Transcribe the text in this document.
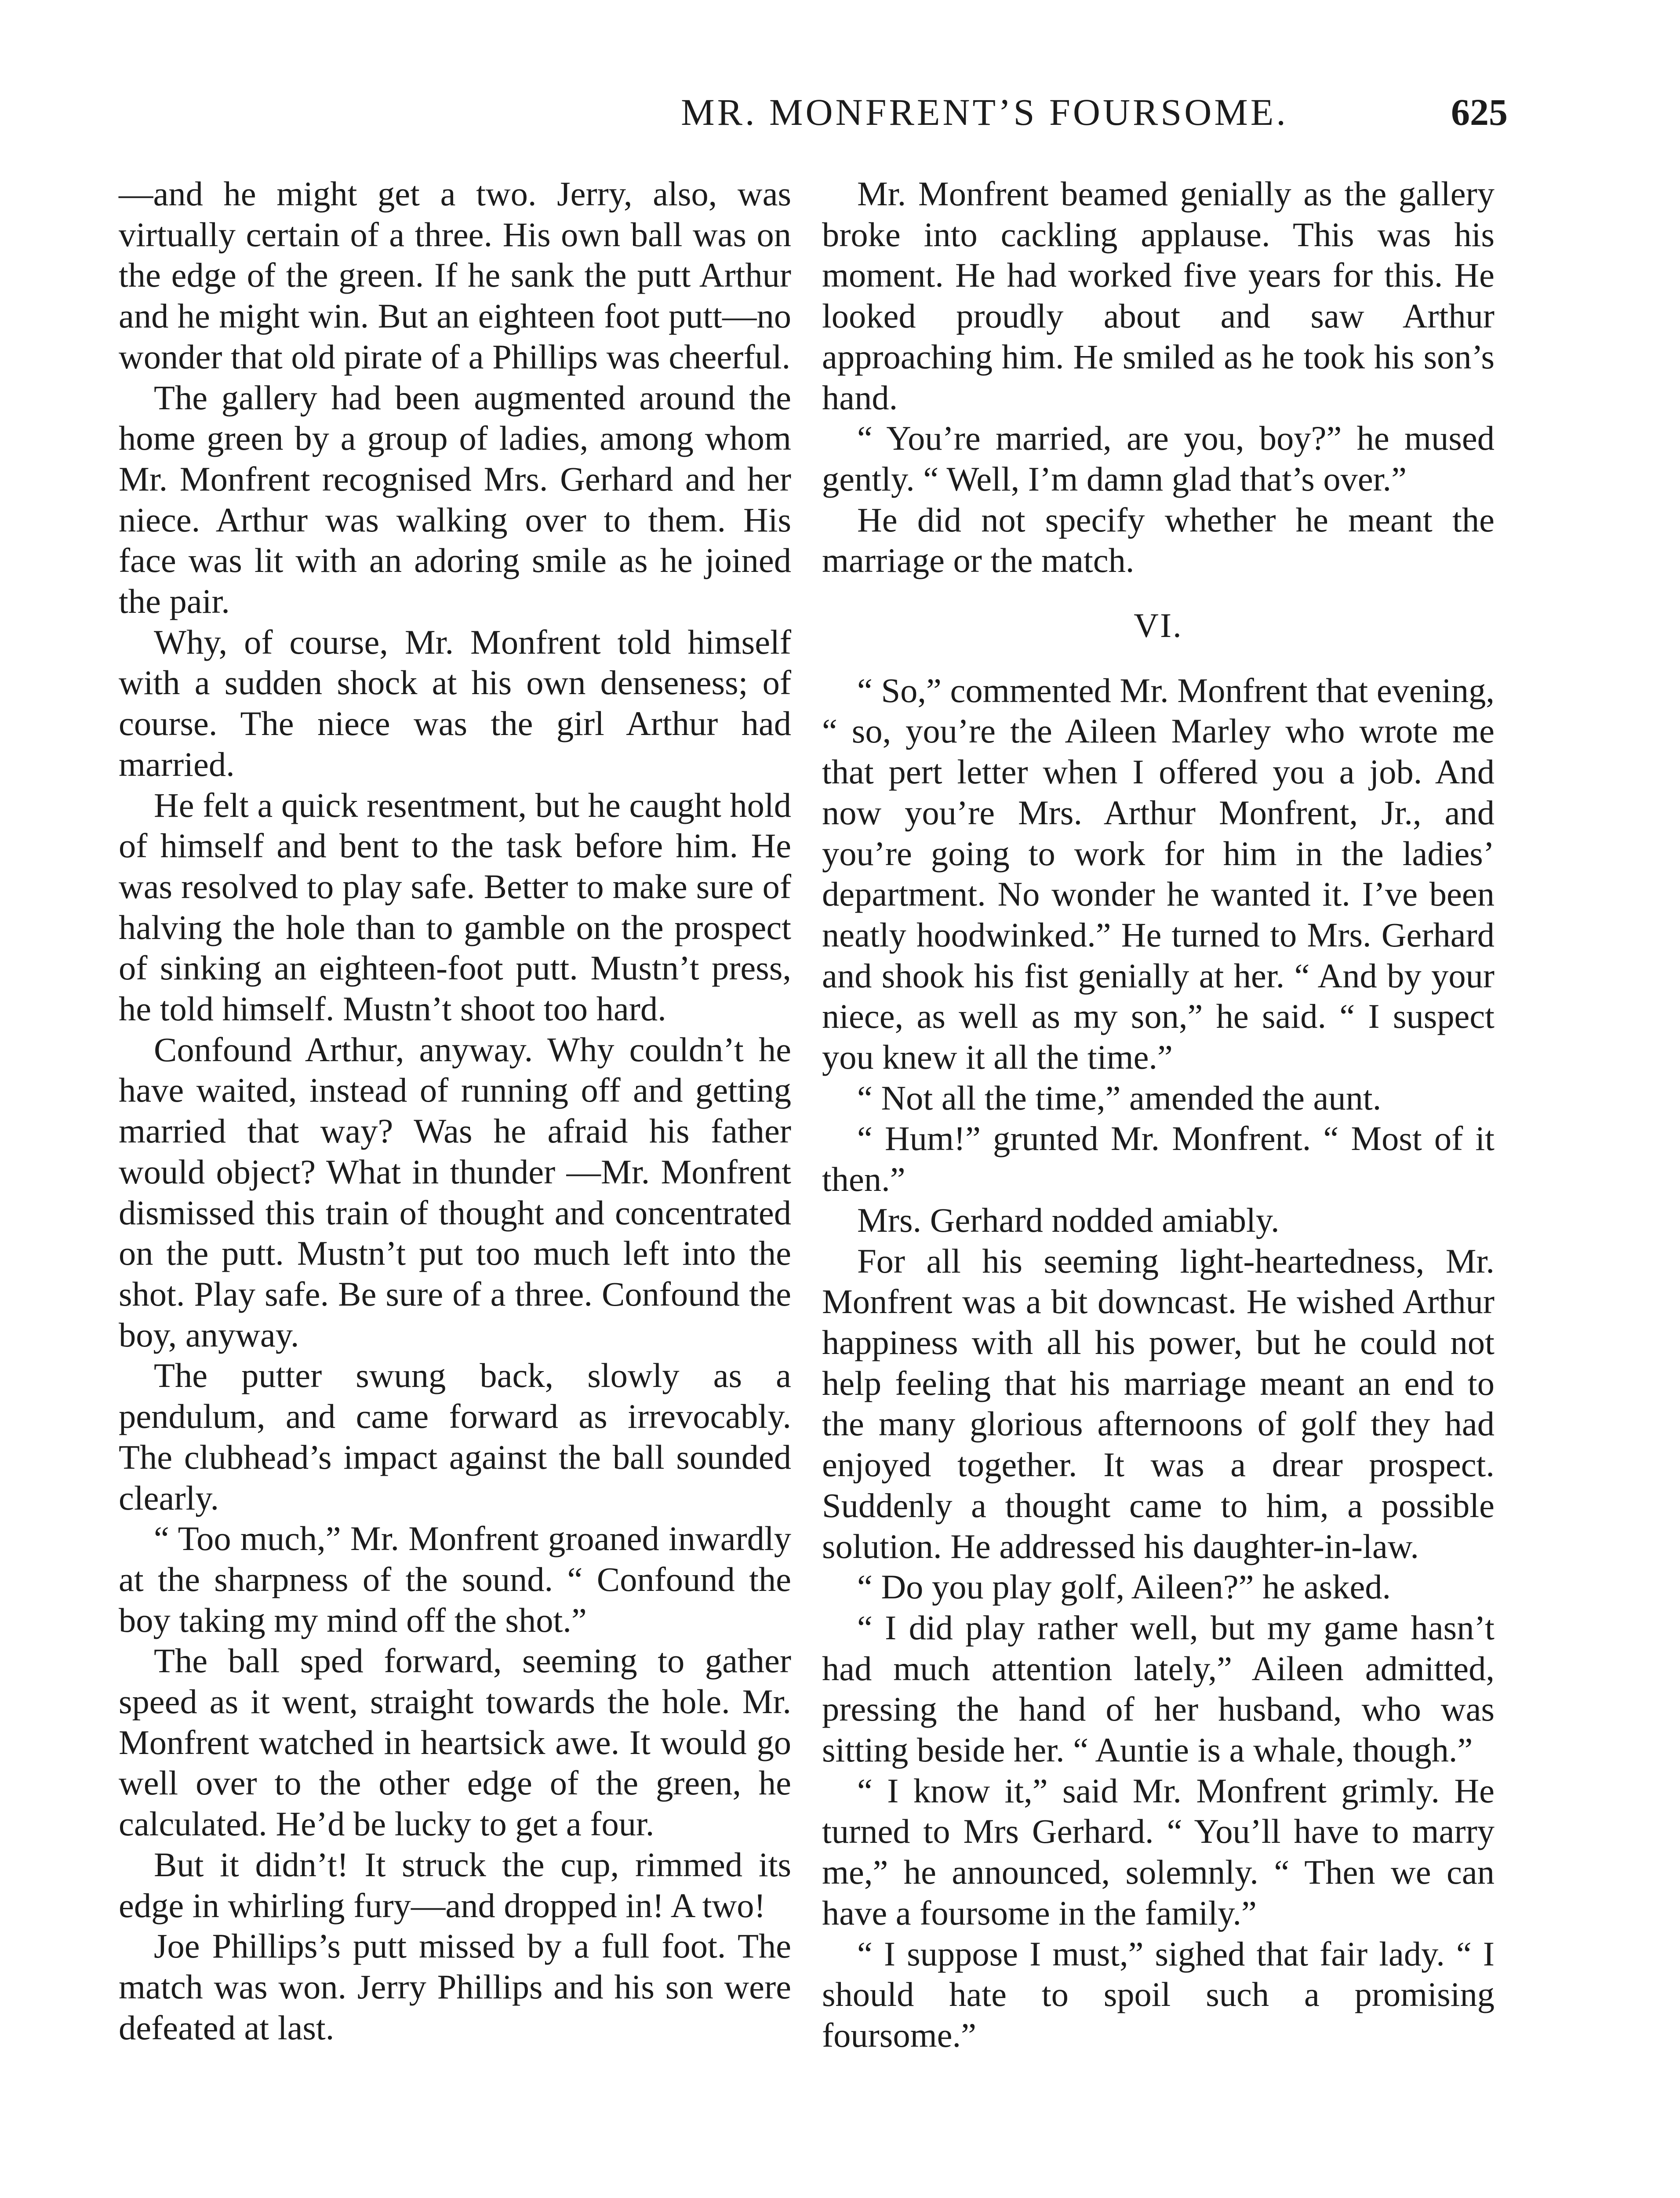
MR. MONFRENT’S FOURSOME.	625

—and he might get a two. Jerry, also, was virtually certain of a three. His own ball was on the edge of the green. If he sank the putt Arthur and he might win. But an eighteen foot putt—no wonder that old pirate of a Phillips was cheerful.

The gallery had been augmented around the home green by a group of ladies, among whom Mr. Monfrent recognised Mrs. Gerhard and her niece. Arthur was walking over to them. His face was lit with an adoring smile as he joined the pair.

Why, of course, Mr. Monfrent told himself with a sudden shock at his own denseness; of course. The niece was the girl Arthur had married.

He felt a quick resentment, but he caught hold of himself and bent to the task before him. He was resolved to play safe. Better to make sure of halving the hole than to gamble on the prospect of sinking an eighteen-foot putt. Mustn’t press, he told himself. Mustn’t shoot too hard.

Confound Arthur, anyway. Why couldn’t he have waited, instead of running off and getting married that way? Was he afraid his father would object? What in thunder —Mr. Monfrent dismissed this train of thought and concentrated on the putt. Mustn’t put too much left into the shot. Play safe. Be sure of a three. Confound the boy, anyway.

The putter swung back, slowly as a pendulum, and came forward as irrevocably. The clubhead’s impact against the ball sounded clearly.

“ Too much,” Mr. Monfrent groaned inwardly at the sharpness of the sound. “ Confound the boy taking my mind off the shot.”

The ball sped forward, seeming to gather speed as it went, straight towards the hole. Mr. Monfrent watched in heartsick awe. It would go well over to the other edge of the green, he calculated. He’d be lucky to get a four.

But it didn’t! It struck the cup, rimmed its edge in whirling fury—and dropped in! A two!

Joe Phillips’s putt missed by a full foot. The match was won. Jerry Phillips and his son were defeated at last.

Mr. Monfrent beamed genially as the gallery broke into cackling applause. This was his moment. He had worked five years for this. He looked proudly about and saw Arthur approaching him. He smiled as he took his son’s hand.

“ You’re married, are you, boy?” he mused gently. “ Well, I’m damn glad that’s over.”

He did not specify whether he meant the marriage or the match.

VI.

“ So,” commented Mr. Monfrent that evening, “ so, you’re the Aileen Marley who wrote me that pert letter when I offered you a job. And now you’re Mrs. Arthur Monfrent, Jr., and you’re going to work for him in the ladies’ department. No wonder he wanted it. I’ve been neatly hoodwinked.” He turned to Mrs. Gerhard and shook his fist genially at her. “ And by your niece, as well as my son,” he said. “ I suspect you knew it all the time.”

“ Not all the time,” amended the aunt.

“ Hum!” grunted Mr. Monfrent. “ Most of it then.”

Mrs. Gerhard nodded amiably.

For all his seeming light-heartedness, Mr. Monfrent was a bit downcast. He wished Arthur happiness with all his power, but he could not help feeling that his marriage meant an end to the many glorious afternoons of golf they had enjoyed together. It was a drear prospect. Suddenly a thought came to him, a possible solution. He addressed his daughter-in-law.

“ Do you play golf, Aileen?” he asked.

“ I did play rather well, but my game hasn’t had much attention lately,” Aileen admitted, pressing the hand of her husband, who was sitting beside her. “ Auntie is a whale, though.”

“ I know it,” said Mr. Monfrent grimly. He turned to Mrs Gerhard. “ You’ll have to marry me,” he announced, solemnly. “ Then we can have a foursome in the family.”

“ I suppose I must,” sighed that fair lady. “ I should hate to spoil such a promising foursome.”
